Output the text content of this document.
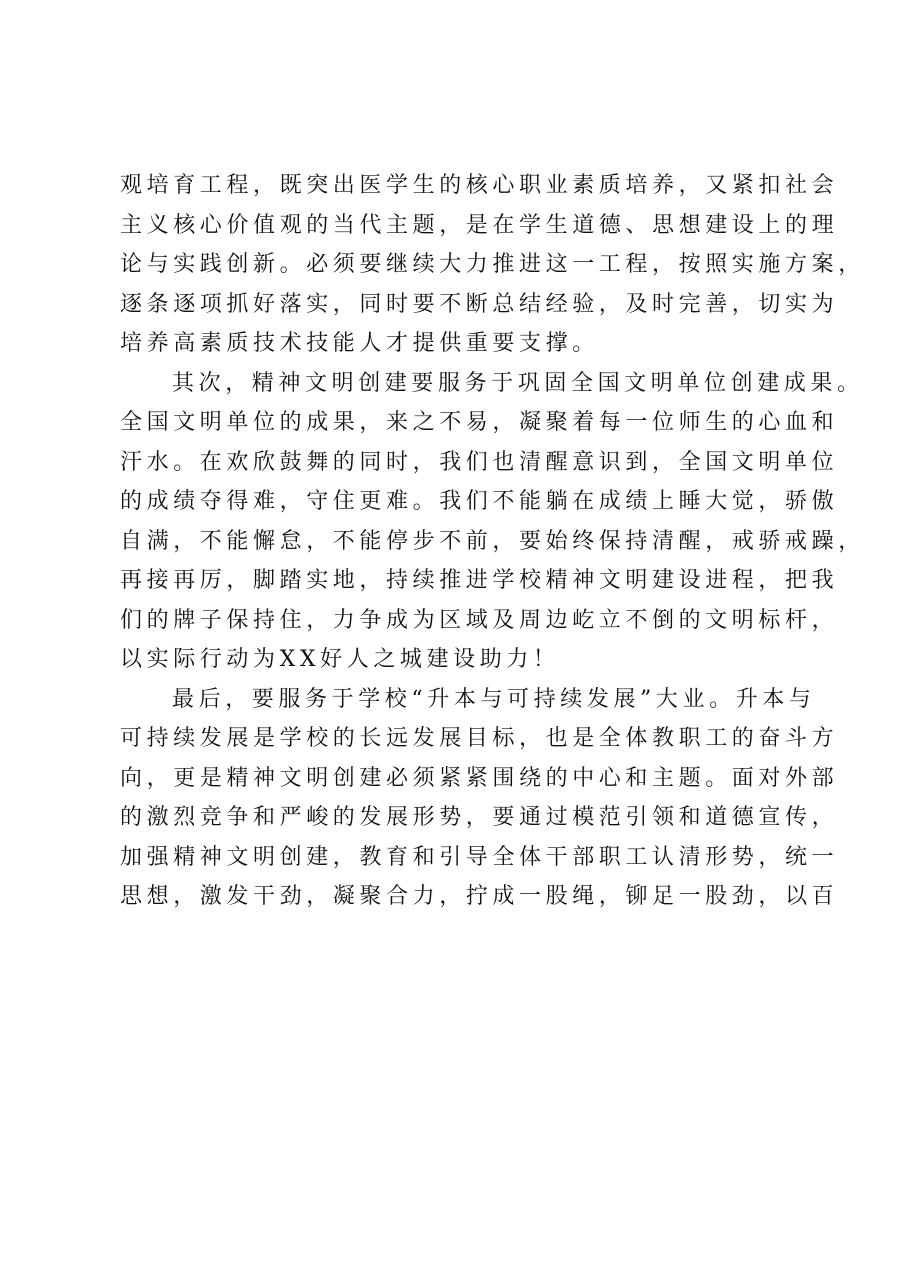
观培育工程，既突出医学生的核心职业素质培养，又紧扣社会
主义核心价值观的当代主题，是在学生道德、思想建设上的理
论与实践创新。必须要继续大力推进这一工程，按照实施方案，
逐条逐项抓好落实，同时要不断总结经验，及时完善，切实为
培养高素质技术技能人才提供重要支撑。
其次，精神文明创建要服务于巩固全国文明单位创建成果。
全国文明单位的成果，来之不易，凝聚着每一位师生的心血和
汗水。在欢欣鼓舞的同时，我们也清醒意识到，全国文明单位
的成绩夺得难，守住更难。我们不能躺在成绩上睡大觉，骄傲
自满，不能懈怠，不能停步不前，要始终保持清醒，戒骄戒躁，
再接再厉，脚踏实地，持续推进学校精神文明建设进程，把我
们的牌子保持住，力争成为区域及周边屹立不倒的文明标杆，
以实际行动为XX好人之城建设助力！
最后，要服务于学校“升本与可持续发展”大业。升本与
可持续发展是学校的长远发展目标，也是全体教职工的奋斗方
向，更是精神文明创建必须紧紧围绕的中心和主题。面对外部
的激烈竞争和严峻的发展形势，要通过模范引领和道德宣传，
加强精神文明创建，教育和引导全体干部职工认清形势，统一
思想，激发干劲，凝聚合力，拧成一股绳，铆足一股劲，以百
